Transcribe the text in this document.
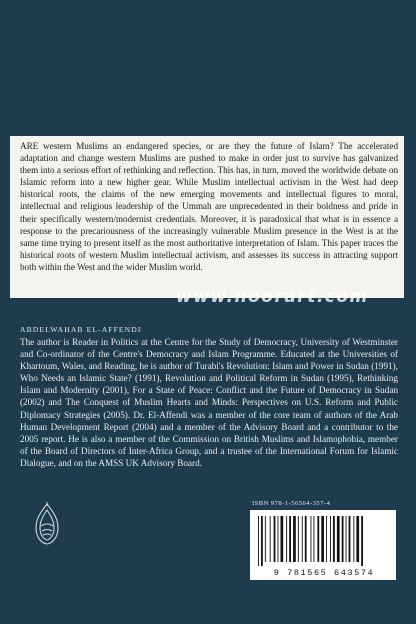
ARE western Muslims an endangered species, or are they the future of Islam? The accelerated adaptation and change western Muslims are pushed to make in order just to survive has galvanized them into a serious effort of rethinking and reflection. This has, in turn, moved the worldwide debate on Islamic reform into a new higher gear. While Muslim intellectual activism in the West had deep historical roots, the claims of the new emerging movements and intellectual figures to moral, intellectual and religious leadership of the Ummah are unprecedented in their boldness and pride in their specifically western/modernist credentials. Moreover, it is paradoxical that what is in essence a response to the precariousness of the increasingly vulnerable Muslim presence in the West is at the same time trying to present itself as the most authoritative interpretation of Islam. This paper traces the historical roots of western Muslim intellectual activism, and assesses its success in attracting support both within the West and the wider Muslim world.

www.noorart.com
ABDELWAHAB EL-AFFENDI

The author is Reader in Politics at the Centre for the Study of Democracy, University of Westminster and Co-ordinator of the Centre's Democracy and Islam Programme. Educated at the Universities of Khartoum, Wales, and Reading, he is author of Turabi's Revolution: Islam and Power in Sudan (1991), Who Needs an Islamic State? (1991), Revolution and Political Reform in Sudan (1995), Rethinking Islam and Modernity (2001), For a State of Peace: Conflict and the Future of Democracy in Sudan (2002) and The Conquest of Muslim Hearts and Minds: Perspectives on U.S. Reform and Public Diplomacy Strategies (2005). Dr. El-Affendi was a member of the core team of authors of the Arab Human Development Report (2004) and a member of the Advisory Board and a contributor to the 2005 report. He is also a member of the Commission on British Muslims and Islamophobia, member of the Board of Directors of Inter-Africa Group, and a trustee of the International Forum for Islamic Dialogue, and on the AMSS UK Advisory Board.

ISBN 978-1-56564-357-4
9 781565 643574
